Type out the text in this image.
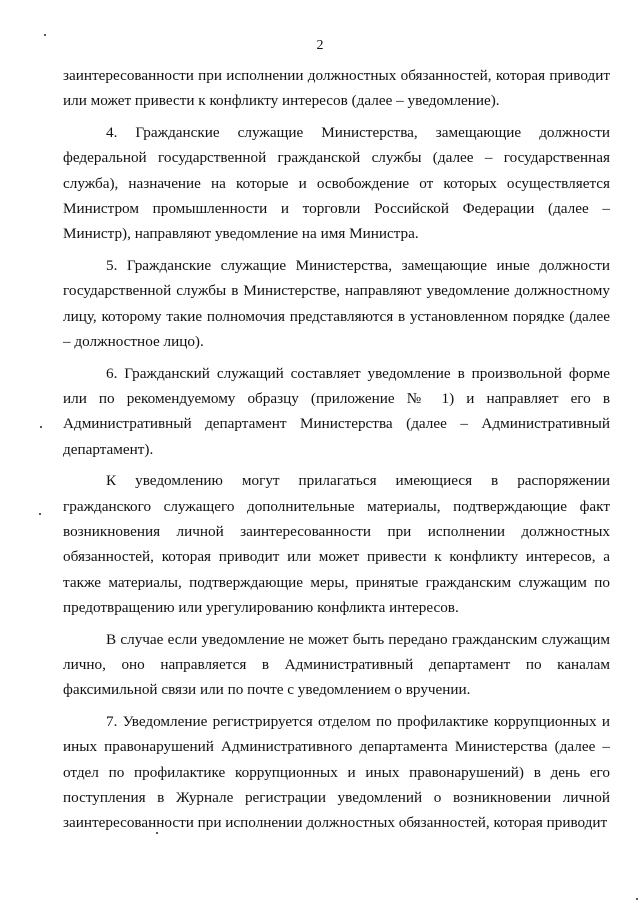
2

заинтересованности при исполнении должностных обязанностей, которая приводит или может привести к конфликту интересов (далее – уведомление).

4. Гражданские служащие Министерства, замещающие должности федеральной государственной гражданской службы (далее – государственная служба), назначение на которые и освобождение от которых осуществляется Министром промышленности и торговли Российской Федерации (далее – Министр), направляют уведомление на имя Министра.

5. Гражданские служащие Министерства, замещающие иные должности государственной службы в Министерстве, направляют уведомление должностному лицу, которому такие полномочия представляются в установленном порядке (далее – должностное лицо).

6. Гражданский служащий составляет уведомление в произвольной форме или по рекомендуемому образцу (приложение № 1) и направляет его в Административный департамент Министерства (далее – Административный департамент).

К уведомлению могут прилагаться имеющиеся в распоряжении гражданского служащего дополнительные материалы, подтверждающие факт возникновения личной заинтересованности при исполнении должностных обязанностей, которая приводит или может привести к конфликту интересов, а также материалы, подтверждающие меры, принятые гражданским служащим по предотвращению или урегулированию конфликта интересов.

В случае если уведомление не может быть передано гражданским служащим лично, оно направляется в Административный департамент по каналам факсимильной связи или по почте с уведомлением о вручении.

7. Уведомление регистрируется отделом по профилактике коррупционных и иных правонарушений Административного департамента Министерства (далее – отдел по профилактике коррупционных и иных правонарушений) в день его поступления в Журнале регистрации уведомлений о возникновении личной заинтересованности при исполнении должностных обязанностей, которая приводит
